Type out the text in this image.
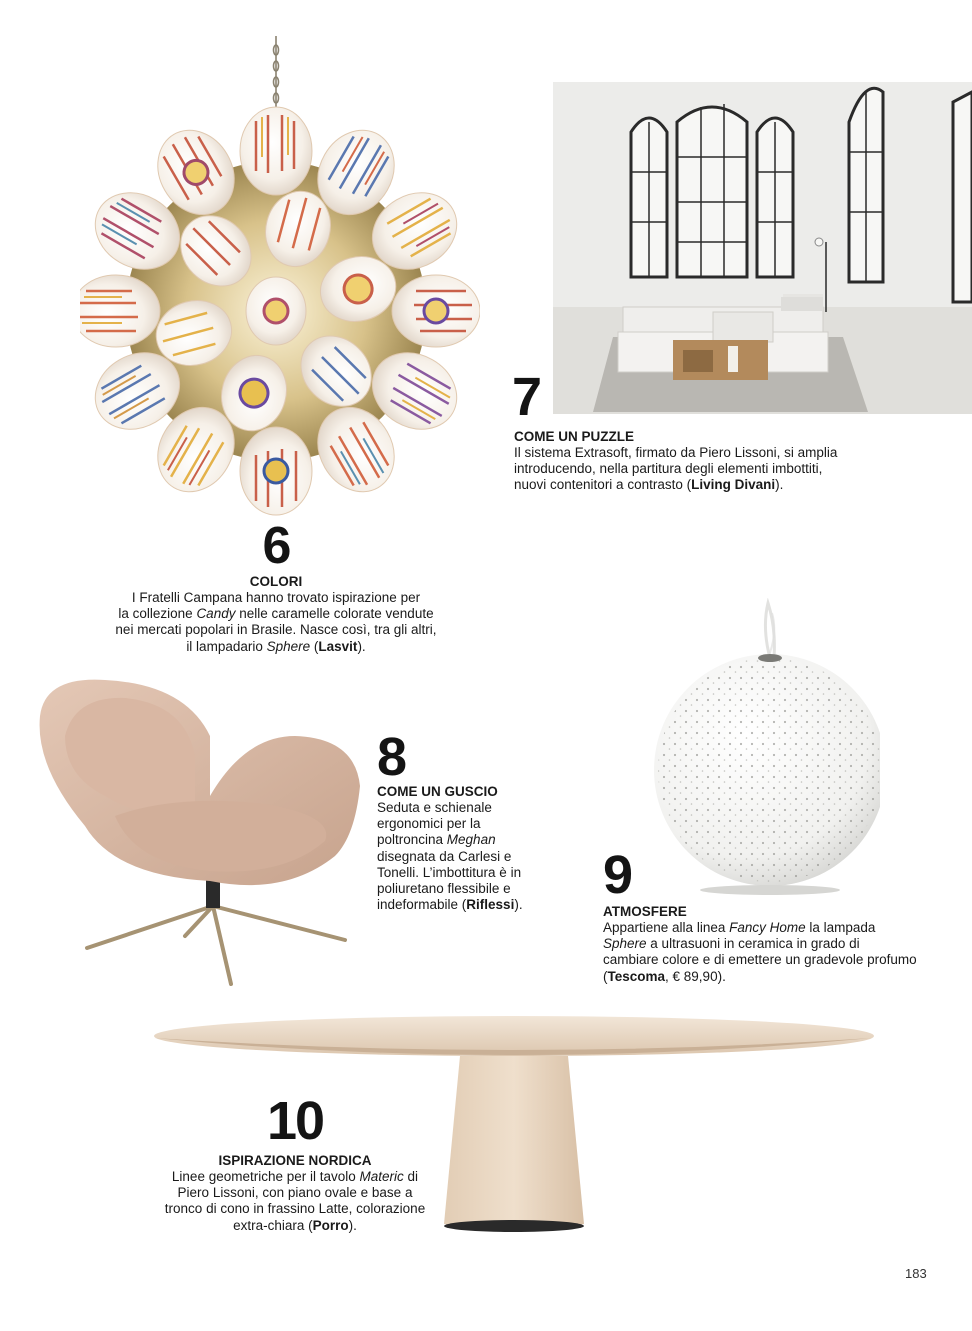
6
COLORI
I Fratelli Campana hanno trovato ispirazione per
la collezione Candy nelle caramelle colorate vendute
nei mercati popolari in Brasile. Nasce così, tra gli altri,
il lampadario Sphere (Lasvit).
7
COME UN PUZZLE
Il sistema Extrasoft, firmato da Piero Lissoni, si amplia
introducendo, nella partitura degli elementi imbottiti,
nuovi contenitori a contrasto (Living Divani).
8
COME UN GUSCIO
Seduta e schienale
ergonomici per la
poltroncina Meghan
disegnata da Carlesi e
Tonelli. L’imbottitura è in
poliuretano flessibile e
indeformabile (Riflessi).	9
ATMOSFERE
Appartiene alla linea Fancy Home la lampada
Sphere a ultrasuoni in ceramica in grado di
cambiare colore e di emettere un gradevole profumo
(Tescoma, € 89,90).
10
ISPIRAZIONE NORDICA
Linee geometriche per il tavolo Materic di
Piero Lissoni, con piano ovale e base a
tronco di cono in frassino Latte, colorazione
extra-chiara (Porro).
183
